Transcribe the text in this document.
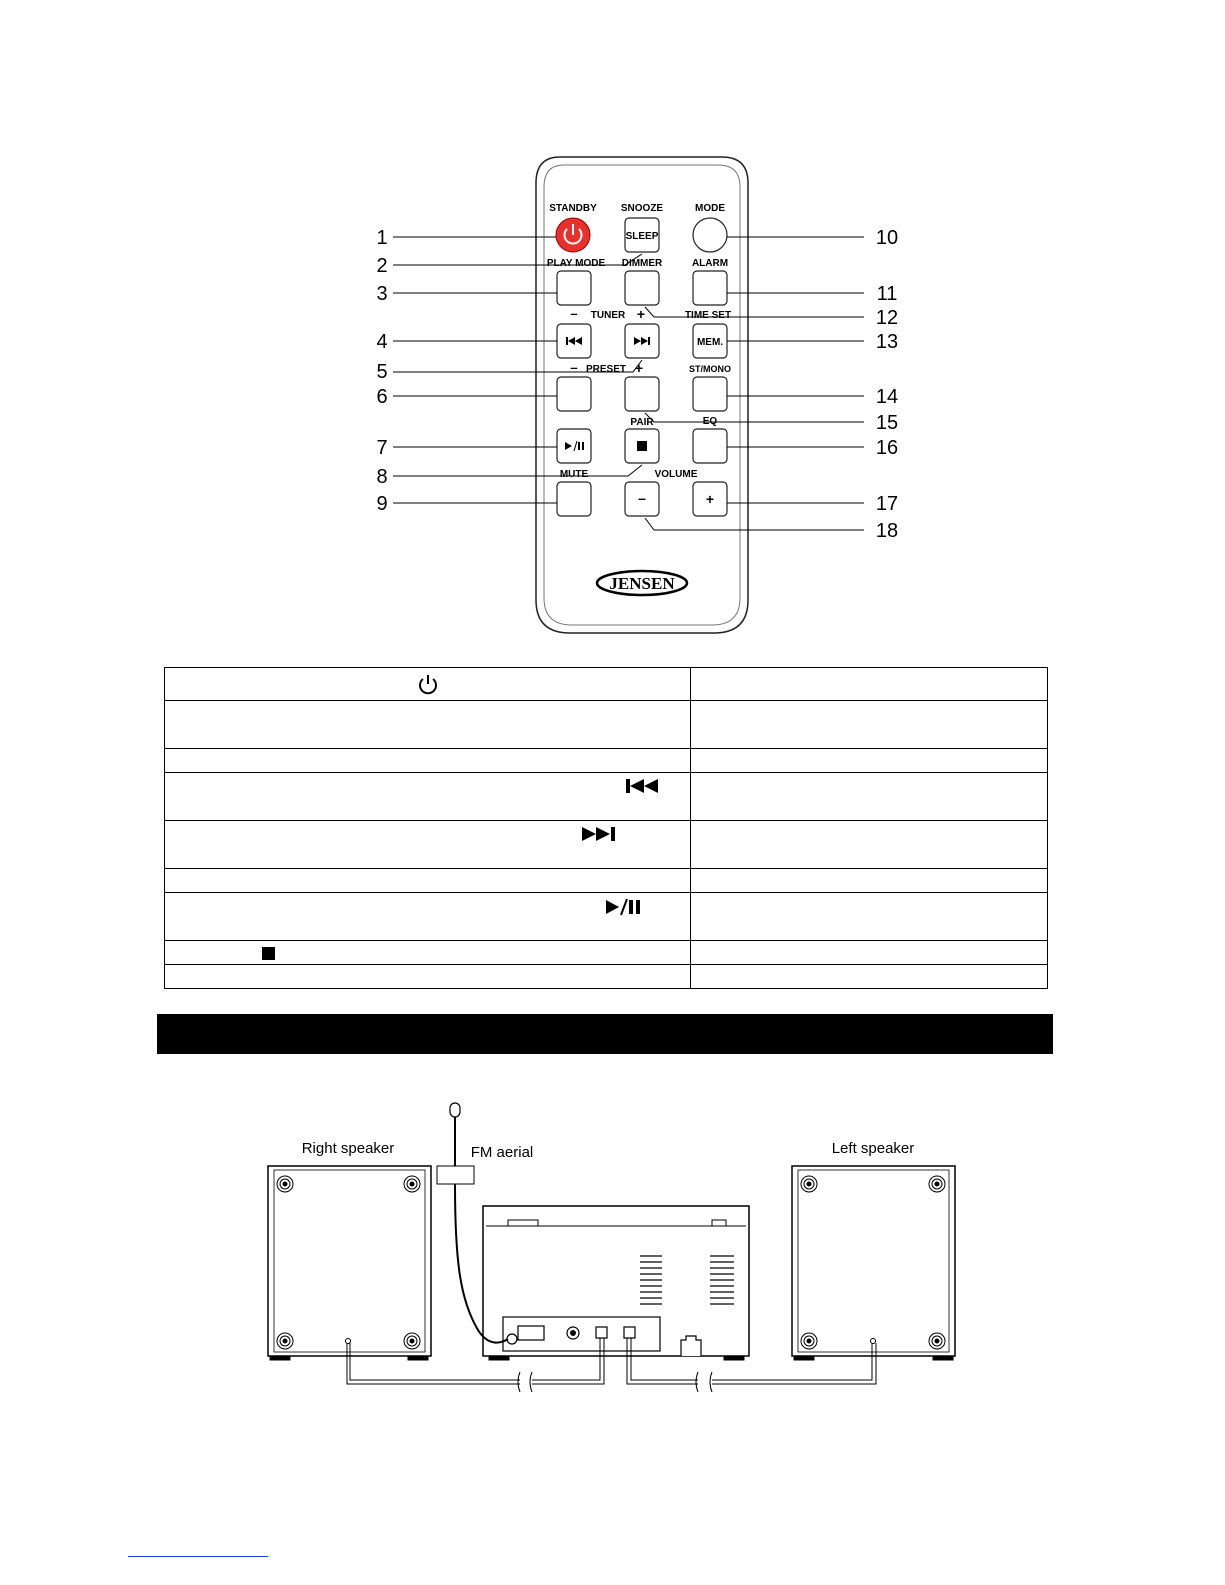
STANDBY SNOOZE	MODE
SLEEP
PLAY MODE DIMMER	ALARM
– TUNER +	TIME SET
MEM.
– PRESET +	ST/MONO
PAIR	EQ
MUTE	VOLUME
–	+
JENSEN
1
2
3
4
5
6
7
8
9
10
11
12
13
14
15
16
17
18

Right speaker	FM aerial	Left speaker
